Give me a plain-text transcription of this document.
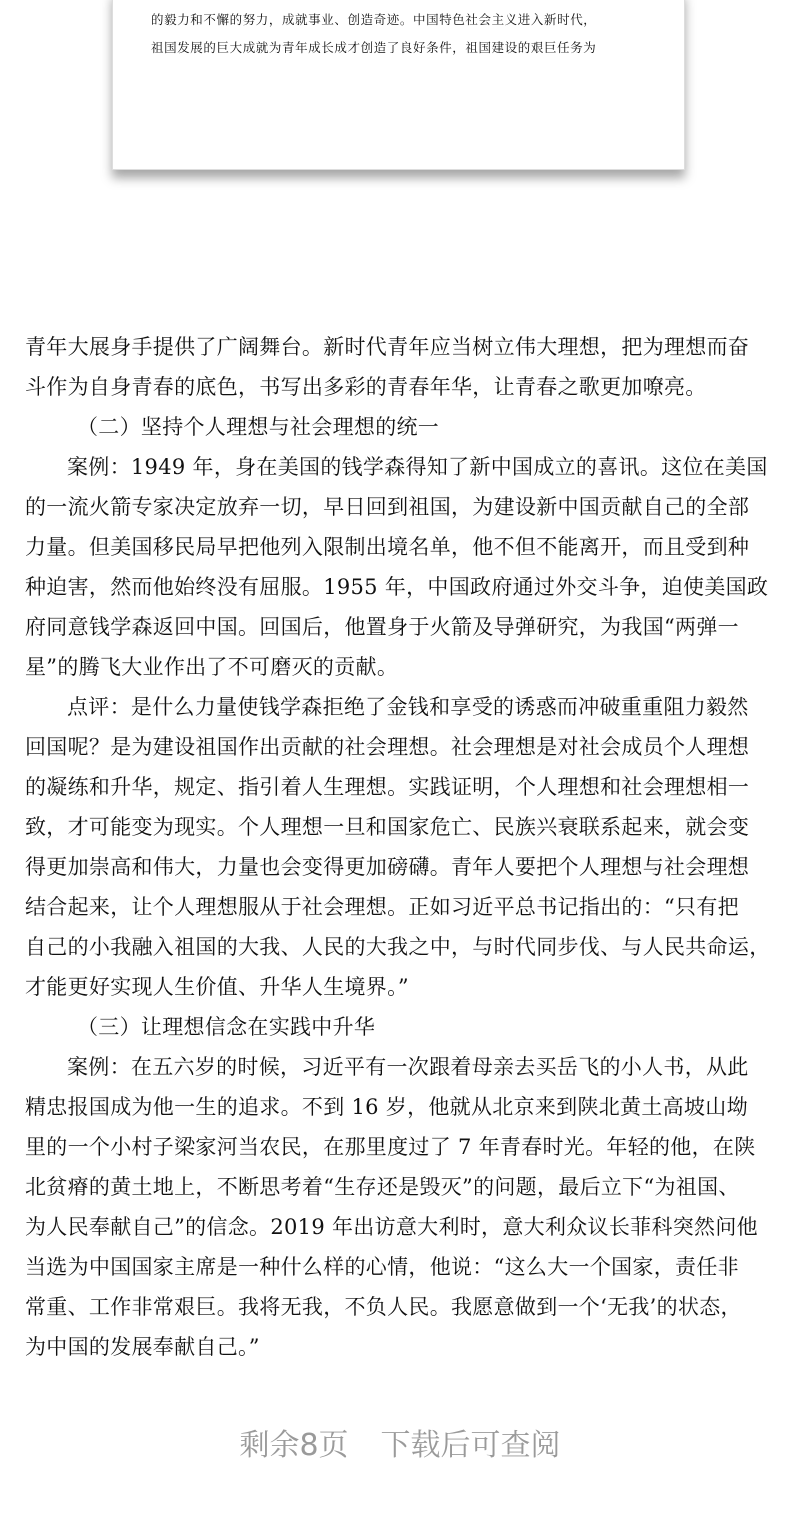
的毅力和不懈的努力，成就事业、创造奇迹。中国特色社会主义进入新时代，
祖国发展的巨大成就为青年成长成才创造了良好条件，祖国建设的艰巨任务为
青年大展身手提供了广阔舞台。新时代青年应当树立伟大理想，把为理想而奋
斗作为自身青春的底色，书写出多彩的青春年华，让青春之歌更加嘹亮。
（二）坚持个人理想与社会理想的统一
案例：1949 年，身在美国的钱学森得知了新中国成立的喜讯。这位在美国
的一流火箭专家决定放弃一切，早日回到祖国，为建设新中国贡献自己的全部
力量。但美国移民局早把他列入限制出境名单，他不但不能离开，而且受到种
种迫害，然而他始终没有屈服。1955 年，中国政府通过外交斗争，迫使美国政
府同意钱学森返回中国。回国后，他置身于火箭及导弹研究，为我国“两弹一
星”的腾飞大业作出了不可磨灭的贡献。
点评：是什么力量使钱学森拒绝了金钱和享受的诱惑而冲破重重阻力毅然
回国呢？是为建设祖国作出贡献的社会理想。社会理想是对社会成员个人理想
的凝练和升华，规定、指引着人生理想。实践证明，个人理想和社会理想相一
致，才可能变为现实。个人理想一旦和国家危亡、民族兴衰联系起来，就会变
得更加崇高和伟大，力量也会变得更加磅礴。青年人要把个人理想与社会理想
结合起来，让个人理想服从于社会理想。正如习近平总书记指出的：“只有把
自己的小我融入祖国的大我、人民的大我之中，与时代同步伐、与人民共命运，
才能更好实现人生价值、升华人生境界。”
（三）让理想信念在实践中升华
案例：在五六岁的时候，习近平有一次跟着母亲去买岳飞的小人书，从此
精忠报国成为他一生的追求。不到 16 岁，他就从北京来到陕北黄土高坡山坳
里的一个小村子梁家河当农民，在那里度过了 7 年青春时光。年轻的他，在陕
北贫瘠的黄土地上，不断思考着“生存还是毁灭”的问题，最后立下“为祖国、
为人民奉献自己”的信念。2019 年出访意大利时，意大利众议长菲科突然问他
当选为中国国家主席是一种什么样的心情，他说：“这么大一个国家，责任非
常重、工作非常艰巨。我将无我，不负人民。我愿意做到一个‘无我’的状态，
为中国的发展奉献自己。”
剩余8页 下载后可查阅
